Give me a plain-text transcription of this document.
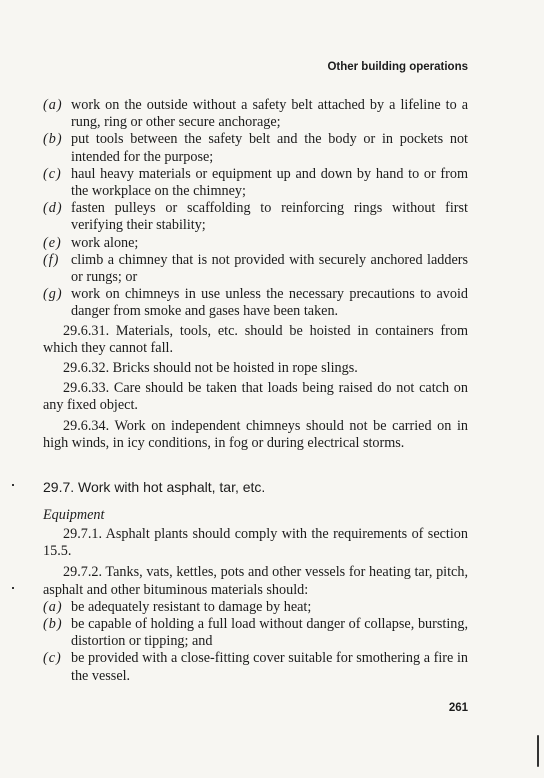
Other building operations
(a) work on the outside without a safety belt attached by a lifeline to a rung, ring or other secure anchorage;
(b) put tools between the safety belt and the body or in pockets not intended for the purpose;
(c) haul heavy materials or equipment up and down by hand to or from the workplace on the chimney;
(d) fasten pulleys or scaffolding to reinforcing rings without first verifying their stability;
(e) work alone;
(f) climb a chimney that is not provided with securely anchored ladders or rungs; or
(g) work on chimneys in use unless the necessary precautions to avoid danger from smoke and gases have been taken.

29.6.31. Materials, tools, etc. should be hoisted in containers from which they cannot fall.

29.6.32. Bricks should not be hoisted in rope slings.

29.6.33. Care should be taken that loads being raised do not catch on any fixed object.

29.6.34. Work on independent chimneys should not be carried on in high winds, in icy conditions, in fog or during electrical storms.

29.7. Work with hot asphalt, tar, etc.
Equipment

29.7.1. Asphalt plants should comply with the requirements of section 15.5.

29.7.2. Tanks, vats, kettles, pots and other vessels for heating tar, pitch, asphalt and other bituminous materials should:

(a) be adequately resistant to damage by heat;
(b) be capable of holding a full load without danger of collapse, bursting, distortion or tipping; and
(c) be provided with a close-fitting cover suitable for smothering a fire in the vessel.
261
